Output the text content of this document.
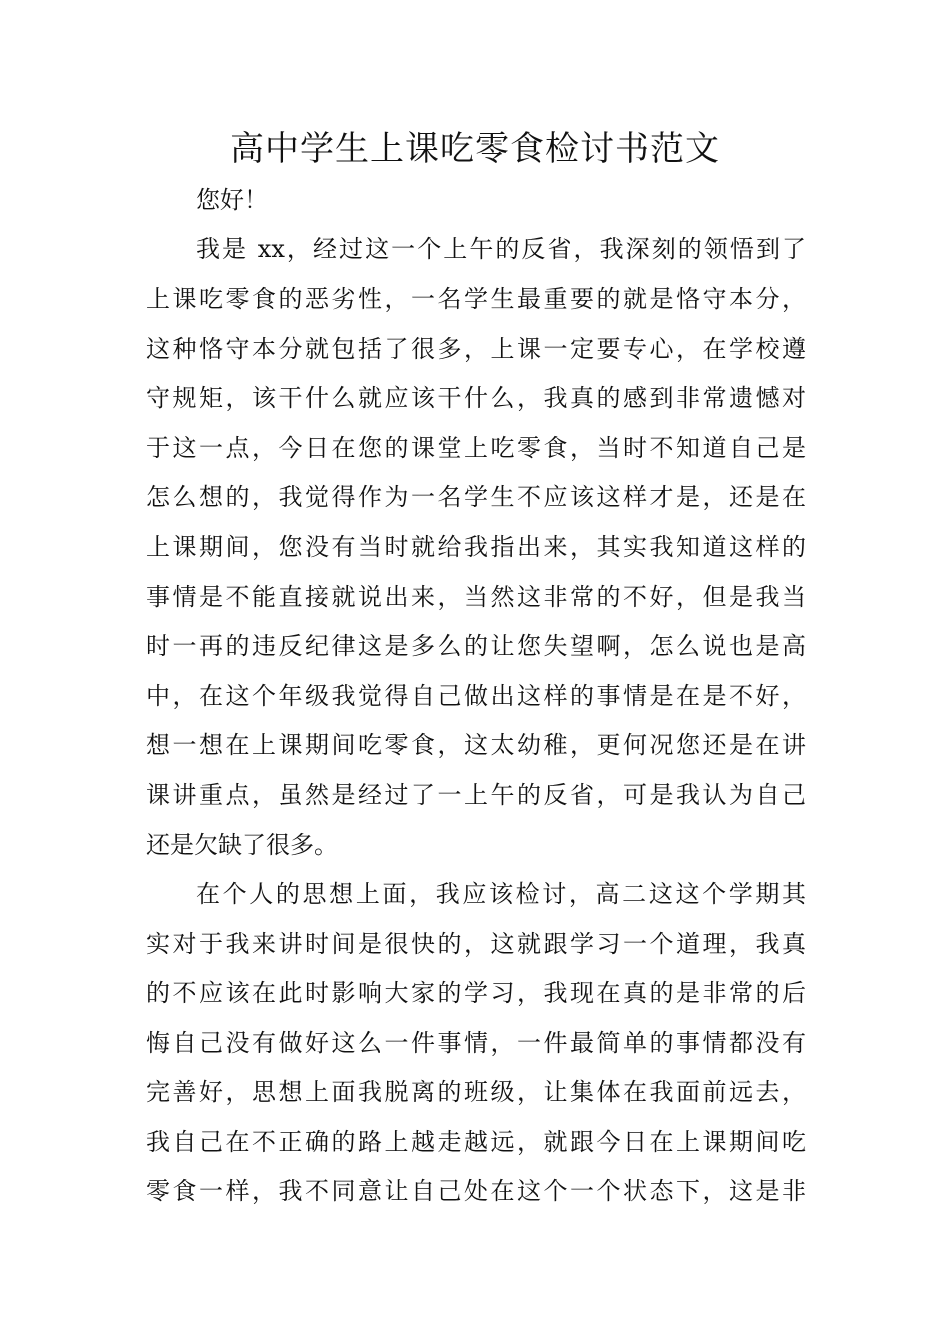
高中学生上课吃零食检讨书范文

您好！

我是 xx，经过这一个上午的反省，我深刻的领悟到了

上课吃零食的恶劣性，一名学生最重要的就是恪守本分，

这种恪守本分就包括了很多，上课一定要专心，在学校遵

守规矩，该干什么就应该干什么，我真的感到非常遗憾对

于这一点，今日在您的课堂上吃零食，当时不知道自己是

怎么想的，我觉得作为一名学生不应该这样才是，还是在

上课期间，您没有当时就给我指出来，其实我知道这样的

事情是不能直接就说出来，当然这非常的不好，但是我当

时一再的违反纪律这是多么的让您失望啊，怎么说也是高

中，在这个年级我觉得自己做出这样的事情是在是不好，

想一想在上课期间吃零食，这太幼稚，更何况您还是在讲

课讲重点，虽然是经过了一上午的反省，可是我认为自己

还是欠缺了很多。

在个人的思想上面，我应该检讨，高二这这个学期其

实对于我来讲时间是很快的，这就跟学习一个道理，我真

的不应该在此时影响大家的学习，我现在真的是非常的后

悔自己没有做好这么一件事情，一件最简单的事情都没有

完善好，思想上面我脱离的班级，让集体在我面前远去，

我自己在不正确的路上越走越远，就跟今日在上课期间吃

零食一样，我不同意让自己处在这个一个状态下，这是非
